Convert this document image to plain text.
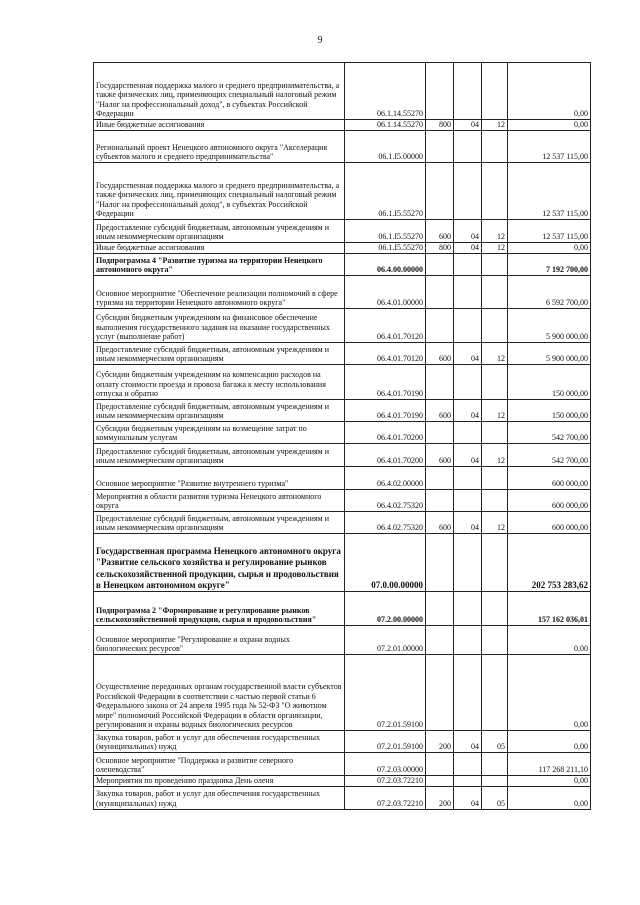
9
Государственная поддержка малого и среднего предпринимательства, а также физических лиц, применяющих специальный налоговый режим "Налог на профессиональный доход", в субъектах Российской Федерации	06.1.14.55270				0,00
Иные бюджетные ассигнования	06.1.14.55270	800	04	12	0,00
Региональный проект Ненецкого автономного округа "Акселерация субъектов малого и среднего предпринимательства"	06.1.I5.00000				12 537 115,00
Государственная поддержка малого и среднего предпринимательства, а также физических лиц, применяющих специальный налоговый режим "Налог на профессиональный доход", в субъектах Российской Федерации	06.1.I5.55270				12 537 115,00
Предоставление субсидий бюджетным, автономным учреждениям и иным некоммерческим организациям	06.1.I5.55270	600	04	12	12 537 115,00
Иные бюджетные ассигнования	06.1.I5.55270	800	04	12	0,00
Подпрограмма 4 "Развитие туризма на территории Ненецкого автономного округа"	06.4.00.00000				7 192 700,00
Основное мероприятие "Обеспечение реализации полномочий в сфере туризма на территории Ненецкого автономного округа"	06.4.01.00000				6 592 700,00
Субсидии бюджетным учреждениям на финансовое обеспечение выполнения государственного задания на оказание государственных услуг (выполнение работ)	06.4.01.70120				5 900 000,00
Предоставление субсидий бюджетным, автономным учреждениям и иным некоммерческим организациям	06.4.01.70120	600	04	12	5 900 000,00
Субсидии бюджетным учреждениям на компенсацию расходов на оплату стоимости проезда и провоза багажа к месту использования отпуска и обратно	06.4.01.70190				150 000,00
Предоставление субсидий бюджетным, автономным учреждениям и иным некоммерческим организациям	06.4.01.70190	600	04	12	150 000,00
Субсидии бюджетным учреждениям на возмещение затрат по коммунальным услугам	06.4.01.70200				542 700,00
Предоставление субсидий бюджетным, автономным учреждениям и иным некоммерческим организациям	06.4.01.70200	600	04	12	542 700,00
Основное мероприятие "Развитие внутреннего туризма"	06.4.02.00000				600 000,00
Мероприятия в области развития туризма Ненецкого автономного округа	06.4.02.75320				600 000,00
Предоставление субсидий бюджетным, автономным учреждениям и иным некоммерческим организациям	06.4.02.75320	600	04	12	600 000,00
Государственная программа Ненецкого автономного округа "Развитие сельского хозяйства и регулирование рынков сельскохозяйственной продукции, сырья и продовольствия в Ненецком автономном округе"	07.0.00.00000				202 753 283,62
Подпрограмма 2 "Формирование и регулирование рынков сельскохозяйственной продукции, сырья и продовольствия"	07.2.00.00000				157 162 036,01
Основное мероприятие "Регулирование и охрана водных биологических ресурсов"	07.2.01.00000				0,00
Осуществление переданных органам государственной власти субъектов Российской Федерации в соответствии с частью первой статьи 6 Федерального закона от 24 апреля 1995 года № 52-ФЗ "О животном мире" полномочий Российской Федерации в области организации, регулирования и охраны водных биологических ресурсов	07.2.01.59100				0,00
Закупка товаров, работ и услуг для обеспечения государственных (муниципальных) нужд	07.2.01.59100	200	04	05	0,00
Основное мероприятие "Поддержка и развитие северного оленеводства"	07.2.03.00000				117 268 211,10
Мероприятия по проведению праздника День оленя	07.2.03.72210				0,00
Закупка товаров, работ и услуг для обеспечения государственных (муниципальных) нужд	07.2.03.72210	200	04	05	0,00
